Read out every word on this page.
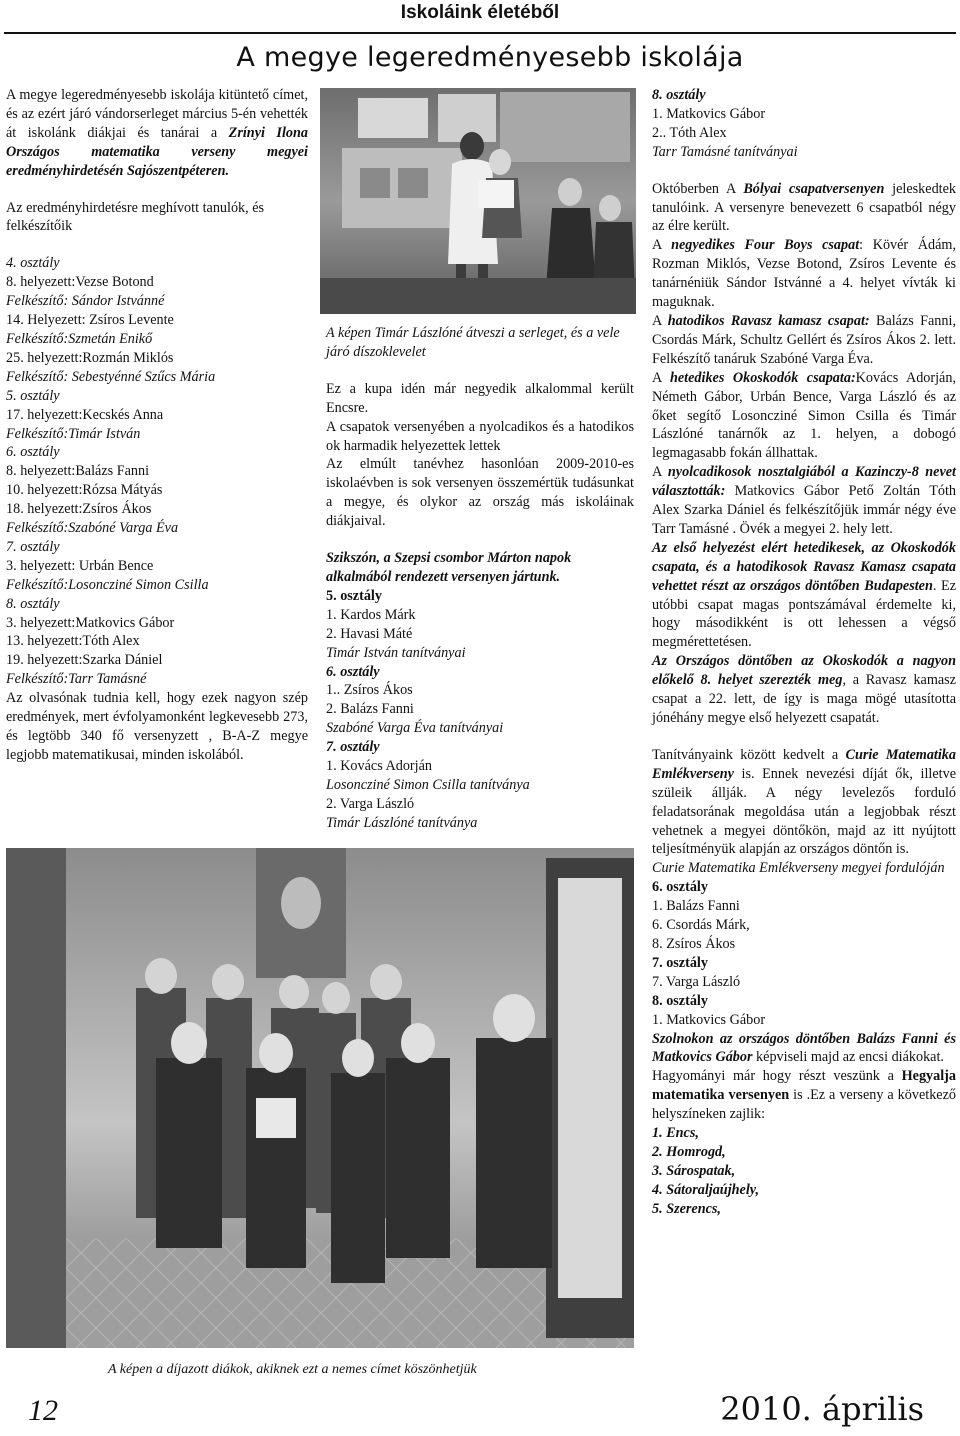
Iskoláink életéből
A megye legeredményesebb iskolája

A megye legeredményesebb iskolája kitüntető címet, és az ezért járó vándorserleget március 5-én vehették át iskolánk diákjai és tanárai a Zrínyi Ilona Országos matematika verseny megyei eredményhirdetésén Sajószentpéteren.

Az eredményhirdetésre meghívott tanulók, és felkészítőik

4. osztály

8. helyezett:Vezse Botond

Felkészítő: Sándor Istvánné

14. Helyezett: Zsíros Levente

Felkészítő:Szmetán Enikő

25. helyezett:Rozmán Miklós

Felkészítő: Sebestyénné Szűcs Mária

5. osztály

17. helyezett:Kecskés Anna

Felkészítő:Timár István

6. osztály

8. helyezett:Balázs Fanni

10. helyezett:Rózsa Mátyás

18. helyezett:Zsíros Ákos

Felkészítő:Szabóné Varga Éva

7. osztály

3. helyezett: Urbán Bence

Felkészítő:Losoncziné Simon Csilla

8. osztály

3. helyezett:Matkovics Gábor

13. helyezett:Tóth Alex

19. helyezett:Szarka Dániel

Felkészítő:Tarr Tamásné

Az olvasónak tudnia kell, hogy ezek nagyon szép eredmények, mert évfolyamonként legkevesebb 273, és legtöbb 340 fő versenyzett , B-A-Z megye legjobb matematikusai, minden iskolából.

A képen Timár Lászlóné átveszi a serleget, és a vele járó díszoklevelet

Ez a kupa idén már negyedik alkalommal került Encsre.

A csapatok versenyében a nyolcadikos és a hatodikos ok harmadik helyezettek lettek

Az elmúlt tanévhez hasonlóan 2009-2010-es iskolaévben is sok versenyen összemértük tudásunkat a megye, és olykor az ország más iskoláinak diákjaival.

Szikszón, a Szepsi csombor Márton napok alkalmából rendezett versenyen jártunk.

5. osztály

1. Kardos Márk

2. Havasi Máté

Timár István tanítványai

6. osztály

1.. Zsíros Ákos

2. Balázs Fanni

Szabóné Varga Éva tanítványai

7. osztály

1. Kovács Adorján

Losoncziné Simon Csilla tanítványa

2. Varga László

Timár Lászlóné tanítványa

8. osztály

1. Matkovics Gábor

2.. Tóth Alex

Tarr Tamásné tanítványai

Októberben A Bólyai csapatversenyen jeleskedtek tanulóink. A versenyre benevezett 6 csapatból négy az élre került.

A negyedikes Four Boys csapat: Kövér Ádám, Rozman Miklós, Vezse Botond, Zsíros Levente és tanárnéniük Sándor Istvánné a 4. helyet vívták ki maguknak.

A hatodikos Ravasz kamasz csapat: Balázs Fanni, Csordás Márk, Schultz Gellért és Zsíros Ákos 2. lett. Felkészítő tanáruk Szabóné Varga Éva.

A hetedikes Okoskodók csapata:Kovács Adorján, Németh Gábor, Urbán Bence, Varga László és az őket segítő Losoncziné Simon Csilla és Timár Lászlóné tanárnők az 1. helyen, a dobogó legmagasabb fokán állhattak.

A nyolcadikosok nosztalgiából a Kazinczy-8 nevet választották: Matkovics Gábor Pető Zoltán Tóth Alex Szarka Dániel és felkészítőjük immár négy éve Tarr Tamásné . Övék a megyei 2. hely lett.

Az első helyezést elért hetedikesek, az Okoskodók csapata, és a hatodikosok Ravasz Kamasz csapata vehettet részt az országos döntőben Budapesten. Ez utóbbi csapat magas pontszámával érdemelte ki, hogy másodikként is ott lehessen a végső megmérettetésen.

Az Országos döntőben az Okoskodók a nagyon előkelő 8. helyet szerezték meg, a Ravasz kamasz csapat a 22. lett, de így is maga mögé utasította jónéhány megye első helyezett csapatát.

Tanítványaink között kedvelt a Curie Matematika Emlékverseny is. Ennek nevezési díját ők, illetve szüleik állják. A négy levelezős forduló feladatsorának megoldása után a legjobbak részt vehetnek a megyei döntőkön, majd az itt nyújtott teljesítményük alapján az országos döntőn is.

Curie Matematika Emlékverseny megyei fordulóján

6. osztály

1. Balázs Fanni

6. Csordás Márk,

8. Zsíros Ákos

7. osztály

7. Varga László

8. osztály

1. Matkovics Gábor

Szolnokon az országos döntőben Balázs Fanni és Matkovics Gábor képviseli majd az encsi diákokat.

Hagyományi már hogy részt veszünk a Hegyalja matematika versenyen is .Ez a verseny a következő helyszíneken zajlik:

1. Encs,

2. Homrogd,

3. Sárospatak,

4. Sátoraljaújhely,

5. Szerencs,

A képen a díjazott diákok, akiknek ezt a nemes címet köszönhetjük
12	2010. április
